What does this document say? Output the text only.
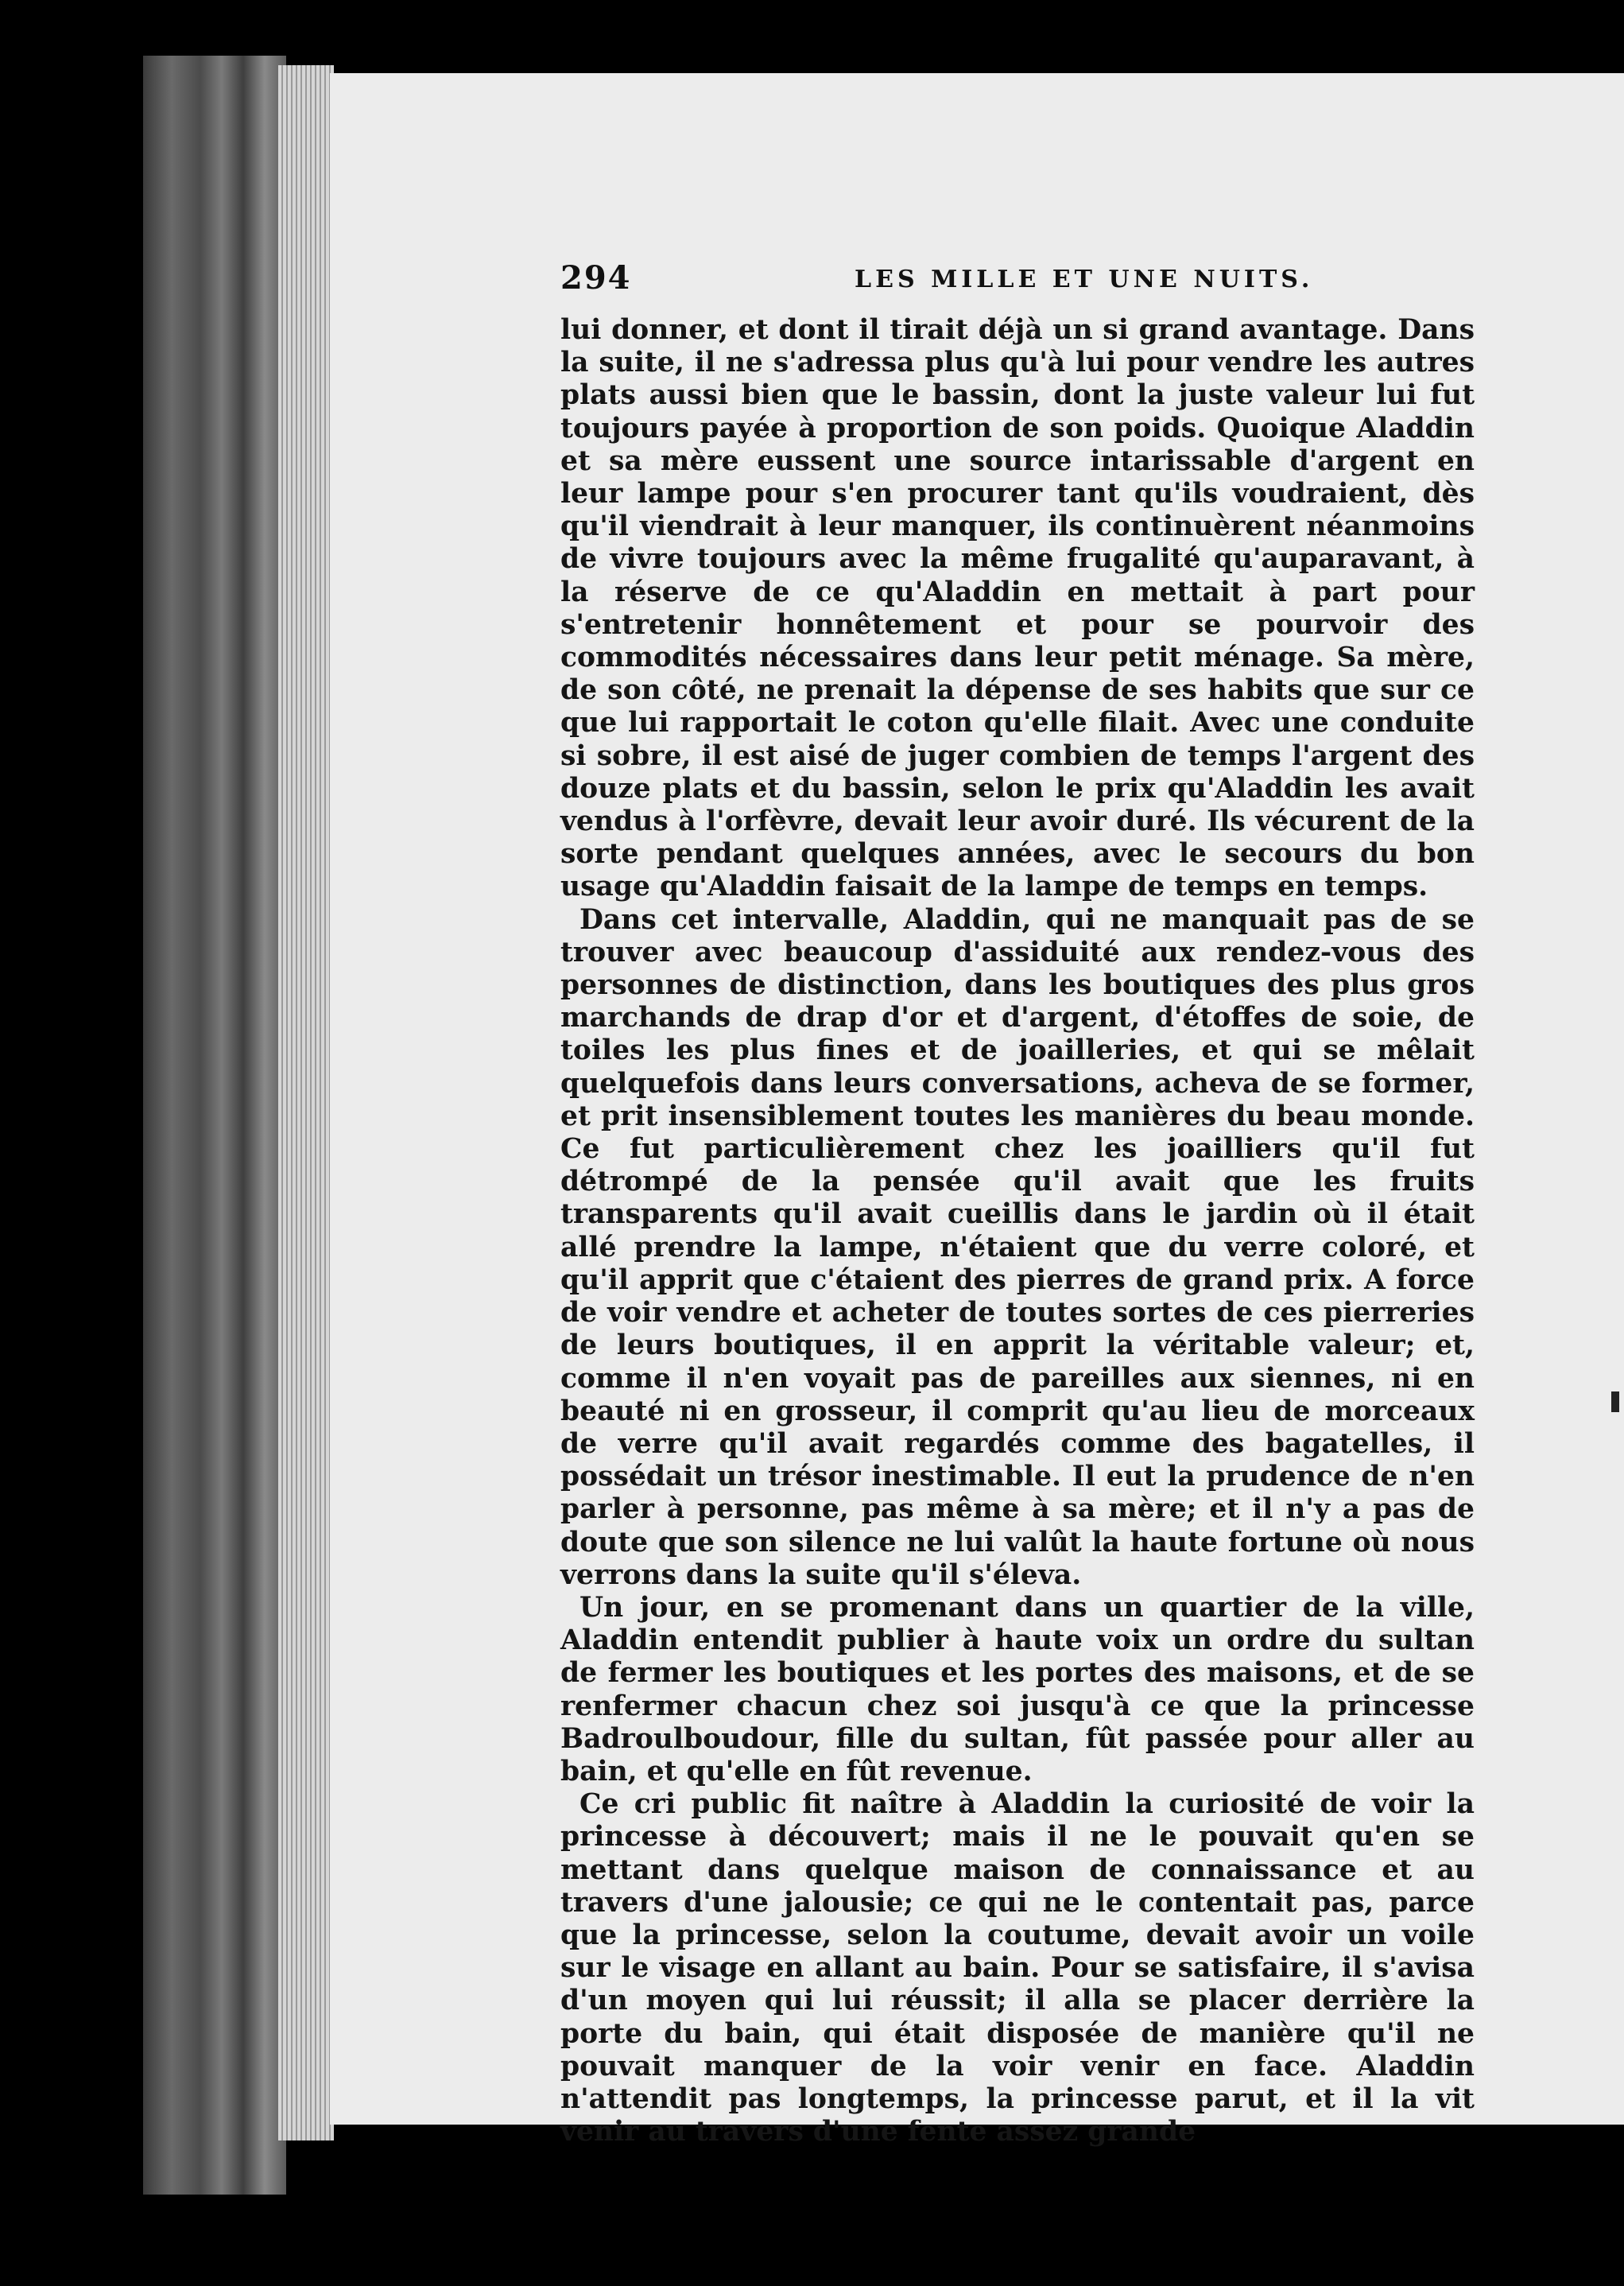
294	LES MILLE ET UNE NUITS.

lui donner, et dont il tirait déjà un si grand avantage. Dans la suite, il ne s'adressa plus qu'à lui pour vendre les autres plats aussi bien que le bassin, dont la juste valeur lui fut toujours payée à proportion de son poids. Quoique Aladdin et sa mère eussent une source intarissable d'argent en leur lampe pour s'en procurer tant qu'ils voudraient, dès qu'il viendrait à leur manquer, ils continuèrent néanmoins de vivre toujours avec la même frugalité qu'auparavant, à la réserve de ce qu'Aladdin en mettait à part pour s'entretenir honnêtement et pour se pourvoir des commodités nécessaires dans leur petit ménage. Sa mère, de son côté, ne prenait la dépense de ses habits que sur ce que lui rapportait le coton qu'elle filait. Avec une conduite si sobre, il est aisé de juger combien de temps l'argent des douze plats et du bassin, selon le prix qu'Aladdin les avait vendus à l'orfèvre, devait leur avoir duré. Ils vécurent de la sorte pendant quelques années, avec le secours du bon usage qu'Aladdin faisait de la lampe de temps en temps.

Dans cet intervalle, Aladdin, qui ne manquait pas de se trouver avec beaucoup d'assiduité aux rendez-vous des personnes de distinction, dans les boutiques des plus gros marchands de drap d'or et d'argent, d'étoffes de soie, de toiles les plus fines et de joailleries, et qui se mêlait quelquefois dans leurs conversations, acheva de se former, et prit insensiblement toutes les manières du beau monde. Ce fut particulièrement chez les joailliers qu'il fut détrompé de la pensée qu'il avait que les fruits transparents qu'il avait cueillis dans le jardin où il était allé prendre la lampe, n'étaient que du verre coloré, et qu'il apprit que c'étaient des pierres de grand prix. A force de voir vendre et acheter de toutes sortes de ces pierreries de leurs boutiques, il en apprit la véritable valeur; et, comme il n'en voyait pas de pareilles aux siennes, ni en beauté ni en grosseur, il comprit qu'au lieu de morceaux de verre qu'il avait regardés comme des bagatelles, il possédait un trésor inestimable. Il eut la prudence de n'en parler à personne, pas même à sa mère; et il n'y a pas de doute que son silence ne lui valût la haute fortune où nous verrons dans la suite qu'il s'éleva.

Un jour, en se promenant dans un quartier de la ville, Aladdin entendit publier à haute voix un ordre du sultan de fermer les boutiques et les portes des maisons, et de se renfermer chacun chez soi jusqu'à ce que la princesse Badroulboudour, fille du sultan, fût passée pour aller au bain, et qu'elle en fût revenue.

Ce cri public fit naître à Aladdin la curiosité de voir la princesse à découvert; mais il ne le pouvait qu'en se mettant dans quelque maison de connaissance et au travers d'une jalousie; ce qui ne le contentait pas, parce que la princesse, selon la coutume, devait avoir un voile sur le visage en allant au bain. Pour se satisfaire, il s'avisa d'un moyen qui lui réussit; il alla se placer derrière la porte du bain, qui était disposée de manière qu'il ne pouvait manquer de la voir venir en face. Aladdin n'attendit pas longtemps, la princesse parut, et il la vit venir au travers d'une fente assez grande
